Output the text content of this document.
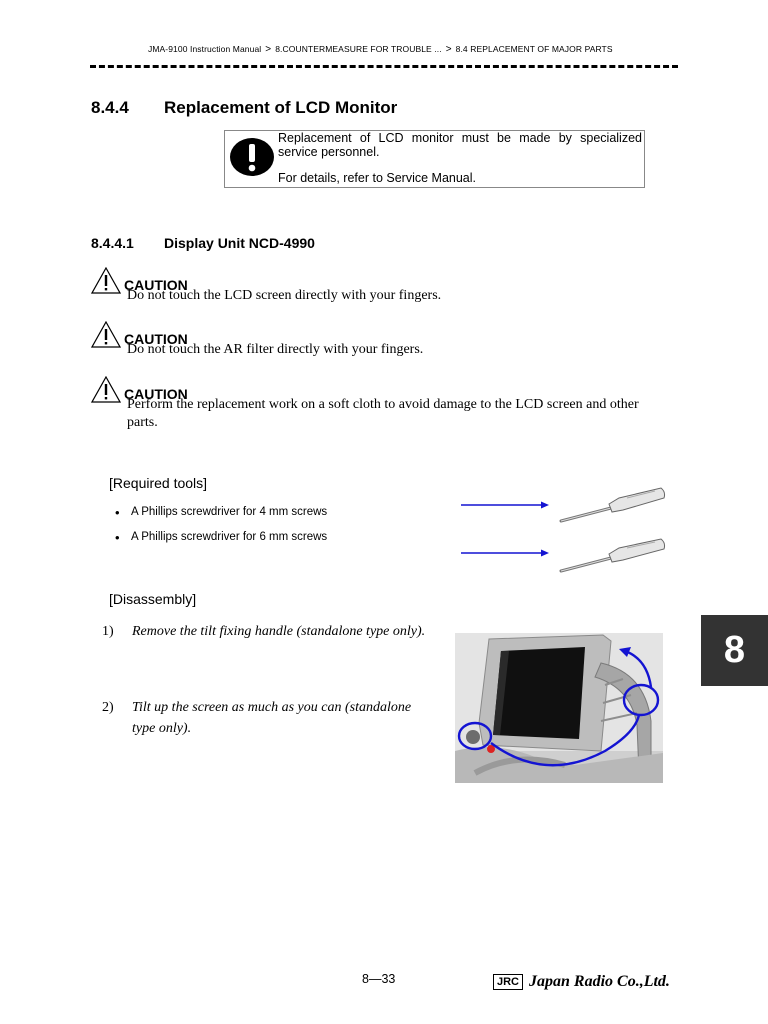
JMA-9100 Instruction Manual > 8.COUNTERMEASURE FOR TROUBLE ... > 8.4 REPLACEMENT OF MAJOR PARTS
8.4.4 Replacement of LCD Monitor

Replacement of LCD monitor must be made by specialized service personnel.

For details, refer to Service Manual.

8.4.4.1 Display Unit NCD-4990
CAUTION
Do not touch the LCD screen directly with your fingers.
CAUTION
Do not touch the AR filter directly with your fingers.
CAUTION
Perform the replacement work on a soft cloth to avoid damage to the LCD screen and other parts.
[Required tools]
• A Phillips screwdriver for 4 mm screws
• A Phillips screwdriver for 6 mm screws
[Disassembly]
1) Remove the tilt fixing handle (standalone type only).
2) Tilt up the screen as much as you can (standalone type only).
8
8—33	JRC Japan Radio Co.,Ltd.
